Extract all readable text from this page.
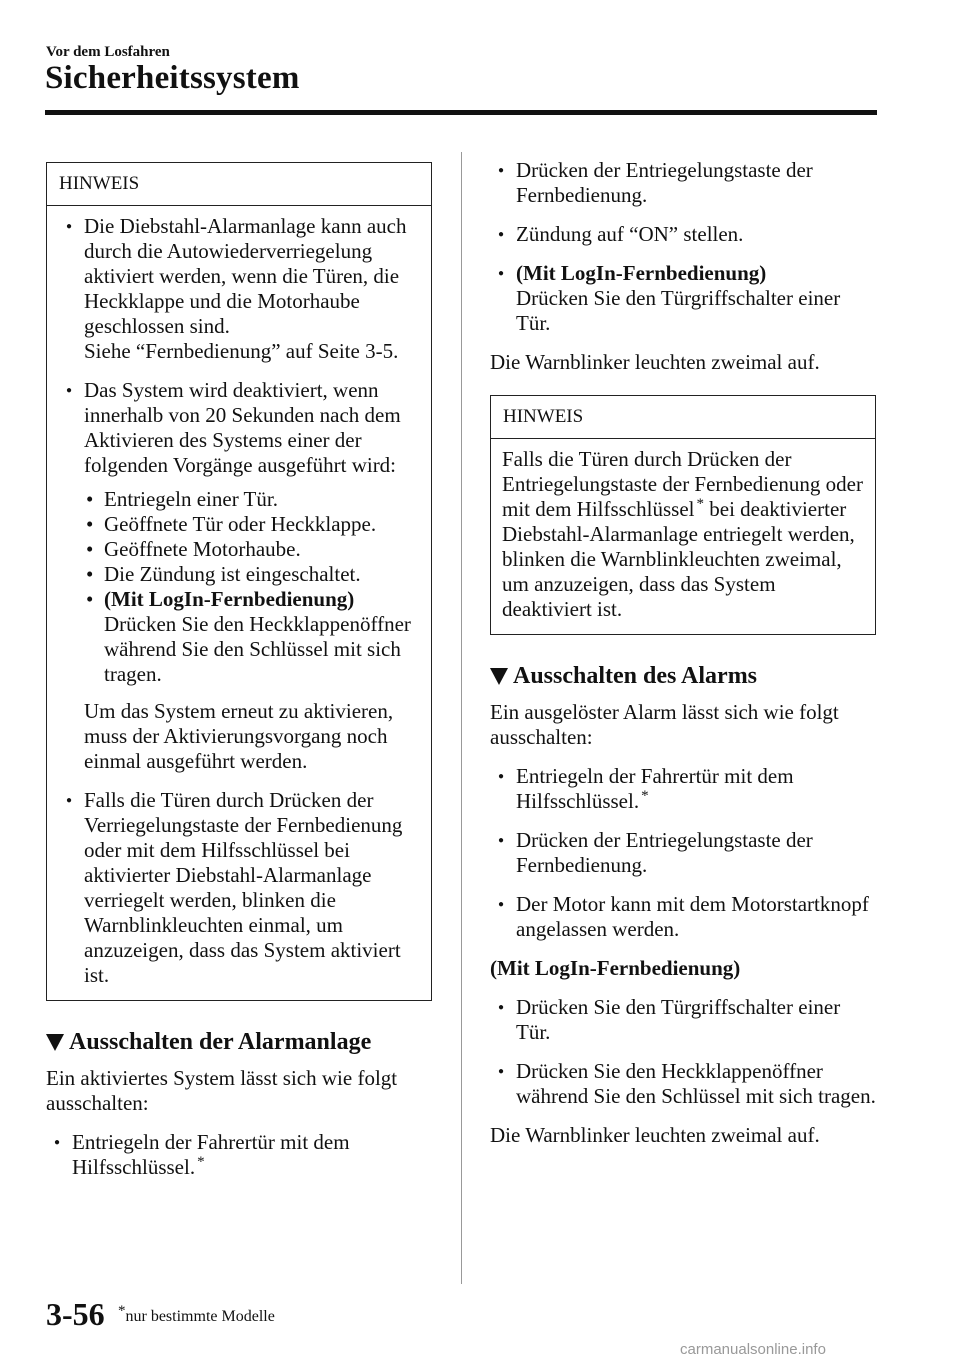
Vor dem Losfahren
Sicherheitssystem
HINWEIS

● Die Diebstahl-Alarmanlage kann auch durch die Autowiederverriegelung aktiviert werden, wenn die Türen, die Heckklappe und die Motorhaube geschlossen sind.

Siehe “Fernbedienung” auf Seite 3-5.

● Das System wird deaktiviert, wenn innerhalb von 20 Sekunden nach dem Aktivieren des Systems einer der folgenden Vorgänge ausgeführt wird:

• Entriegeln einer Tür.
• Geöffnete Tür oder Heckklappe.
• Geöffnete Motorhaube.
• Die Zündung ist eingeschaltet.
• (Mit LogIn-Fernbedienung)
Drücken Sie den Heckklappenöffner während Sie den Schlüssel mit sich tragen.

Um das System erneut zu aktivieren, muss der Aktivierungsvorgang noch einmal ausgeführt werden.

● Falls die Türen durch Drücken der Verriegelungstaste der Fernbedienung oder mit dem Hilfsschlüssel bei aktivierter Diebstahl-Alarmanlage verriegelt werden, blinken die Warnblinkleuchten einmal, um anzuzeigen, dass das System aktiviert ist.

Ausschalten der Alarmanlage

Ein aktiviertes System lässt sich wie folgt ausschalten:

● Entriegeln der Fahrertür mit dem Hilfsschlüssel. *
● Drücken der Entriegelungstaste der Fernbedienung.
● Zündung auf “ON” stellen.
● (Mit LogIn-Fernbedienung)
Drücken Sie den Türgriffschalter einer Tür.

Die Warnblinker leuchten zweimal auf.

HINWEIS

Falls die Türen durch Drücken der Entriegelungstaste der Fernbedienung oder mit dem Hilfsschlüssel * bei deaktivierter Diebstahl-Alarmanlage entriegelt werden, blinken die Warnblinkleuchten zweimal, um anzuzeigen, dass das System deaktiviert ist.

Ausschalten des Alarms

Ein ausgelöster Alarm lässt sich wie folgt ausschalten:

● Entriegeln der Fahrertür mit dem Hilfsschlüssel. *
● Drücken der Entriegelungstaste der Fernbedienung.
● Der Motor kann mit dem Motorstartknopf angelassen werden.

(Mit LogIn-Fernbedienung)

● Drücken Sie den Türgriffschalter einer Tür.
● Drücken Sie den Heckklappenöffner während Sie den Schlüssel mit sich tragen.

Die Warnblinker leuchten zweimal auf.

3-56 *nur bestimmte Modelle
carmanualsonline.info
